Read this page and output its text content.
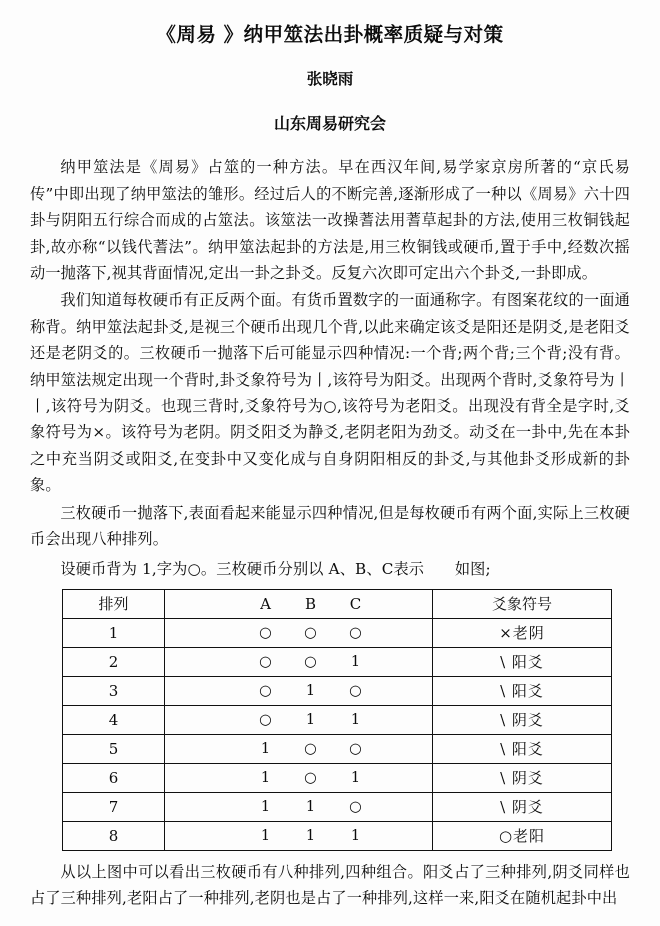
《周易 》纳甲筮法出卦概率质疑与对策
张晓雨
山东周易研究会

纳甲筮法是《周易》占筮的一种方法。早在西汉年间,易学家京房所著的“京氏易传”中即出现了纳甲筮法的雏形。经过后人的不断完善,逐渐形成了一种以《周易》六十四卦与阴阳五行综合而成的占筮法。该筮法一改操蓍法用蓍草起卦的方法,使用三枚铜钱起卦,故亦称“以钱代蓍法”。纳甲筮法起卦的方法是,用三枚铜钱或硬币,置于手中,经数次摇动一抛落下,视其背面情况,定出一卦之卦爻。反复六次即可定出六个卦爻,一卦即成。

我们知道每枚硬币有正反两个面。有货币置数字的一面通称字。有图案花纹的一面通称背。纳甲筮法起卦爻,是视三个硬币出现几个背,以此来确定该爻是阳还是阴爻,是老阳爻还是老阴爻的。三枚硬币一抛落下后可能显示四种情况:一个背;两个背;三个背;没有背。纳甲筮法规定出现一个背时,卦爻象符号为丨,该符号为阳爻。出现两个背时,爻象符号为丨丨,该符号为阴爻。也现三背时,爻象符号为○,该符号为老阳爻。出现没有背全是字时,爻象符号为×。该符号为老阴。阴爻阳爻为静爻,老阴老阳为劲爻。动爻在一卦中,先在本卦之中充当阴爻或阳爻,在变卦中又变化成与自身阴阳相反的卦爻,与其他卦爻形成新的卦象。

三枚硬币一抛落下,表面看起来能显示四种情况,但是每枚硬币有两个面,实际上三枚硬币会出现八种排列。

设硬币背为 1,字为○。三枚硬币分别以 A、B、C表示　　如图;
排列	A B C	爻象符号
1	○ ○ ○	×老阴
2	○ ○ 1	\ 阳爻
3	○ 1 ○	\ 阳爻
4	○ 1 1	\ 阴爻
5	1 ○ ○	\ 阳爻
6	1 ○ 1	\ 阴爻
7	1 1 ○	\ 阴爻
8	1 1 1	○老阳

从以上图中可以看出三枚硬币有八种排列,四种组合。阳爻占了三种排列,阴爻同样也占了三种排列,老阳占了一种排列,老阴也是占了一种排列,这样一来,阳爻在随机起卦中出
